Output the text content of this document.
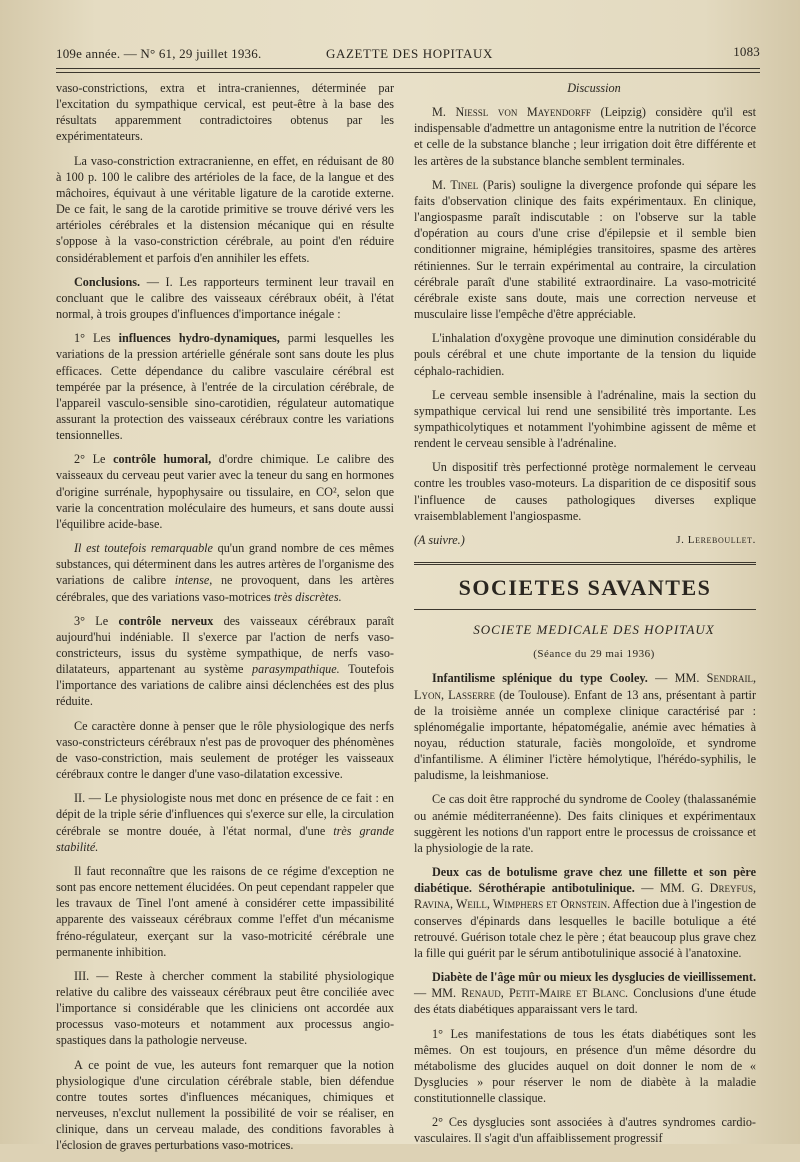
109e année. — N° 61, 29 juillet 1936.	GAZETTE DES HOPITAUX	1083

vaso-constrictions, extra et intra-craniennes, déterminée par l'excitation du sympathique cervical, est peut-être à la base des résultats apparemment contradictoires obtenus par les expérimentateurs.

La vaso-constriction extracranienne, en effet, en réduisant de 80 à 100 p. 100 le calibre des artérioles de la face, de la langue et des mâchoires, équivaut à une véritable ligature de la carotide externe. De ce fait, le sang de la carotide primitive se trouve dérivé vers les artérioles cérébrales et la distension mécanique qui en résulte s'oppose à la vaso-constriction cérébrale, au point d'en réduire considérablement et parfois d'en annihiler les effets.

Conclusions. — I. Les rapporteurs terminent leur travail en concluant que le calibre des vaisseaux cérébraux obéit, à l'état normal, à trois groupes d'influences d'importance inégale :

1° Les influences hydro-dynamiques, parmi lesquelles les variations de la pression artérielle générale sont sans doute les plus efficaces. Cette dépendance du calibre vasculaire cérébral est tempérée par la présence, à l'entrée de la circulation cérébrale, de l'appareil vasculo-sensible sino-carotidien, régulateur automatique assurant la protection des vaisseaux cérébraux contre les variations tensionnelles.

2° Le contrôle humoral, d'ordre chimique. Le calibre des vaisseaux du cerveau peut varier avec la teneur du sang en hormones d'origine surrénale, hypophysaire ou tissulaire, en CO², selon que varie la concentration moléculaire des humeurs, et sans doute aussi l'équilibre acide-base.

Il est toutefois remarquable qu'un grand nombre de ces mêmes substances, qui déterminent dans les autres artères de l'organisme des variations de calibre intense, ne provoquent, dans les artères cérébrales, que des variations vaso-motrices très discrètes.

3° Le contrôle nerveux des vaisseaux cérébraux paraît aujourd'hui indéniable. Il s'exerce par l'action de nerfs vaso-constricteurs, issus du système sympathique, de nerfs vaso-dilatateurs, appartenant au système parasympathique. Toutefois l'importance des variations de calibre ainsi déclenchées est des plus réduite.

Ce caractère donne à penser que le rôle physiologique des nerfs vaso-constricteurs cérébraux n'est pas de provoquer des phénomènes de vaso-constriction, mais seulement de protéger les vaisseaux cérébraux contre le danger d'une vaso-dilatation excessive.

II. — Le physiologiste nous met donc en présence de ce fait : en dépit de la triple série d'influences qui s'exerce sur elle, la circulation cérébrale se montre douée, à l'état normal, d'une très grande stabilité.

Il faut reconnaître que les raisons de ce régime d'exception ne sont pas encore nettement élucidées. On peut cependant rappeler que les travaux de Tinel l'ont amené à considérer cette impassibilité apparente des vaisseaux cérébraux comme l'effet d'un mécanisme fréno-régulateur, exerçant sur la vaso-motricité cérébrale une permanente inhibition.

III. — Reste à chercher comment la stabilité physiologique relative du calibre des vaisseaux cérébraux peut être conciliée avec l'importance si considérable que les cliniciens ont accordée aux processus vaso-moteurs et notamment aux processus angio-spastiques dans la pathologie nerveuse.

A ce point de vue, les auteurs font remarquer que la notion physiologique d'une circulation cérébrale stable, bien défendue contre toutes sortes d'influences mécaniques, chimiques et nerveuses, n'exclut nullement la possibilité de voir se réaliser, en clinique, dans un cerveau malade, des conditions favorables à l'éclosion de graves perturbations vaso-motrices.

Discussion

M. Niessl von Mayendorff (Leipzig) considère qu'il est indispensable d'admettre un antagonisme entre la nutrition de l'écorce et celle de la substance blanche ; leur irrigation doit être différente et les artères de la substance blanche semblent terminales.

M. Tinel (Paris) souligne la divergence profonde qui sépare les faits d'observation clinique des faits expérimentaux. En clinique, l'angiospasme paraît indiscutable : on l'observe sur la table d'opération au cours d'une crise d'épilepsie et il semble bien conditionner migraine, hémiplégies transitoires, spasme des artères rétiniennes. Sur le terrain expérimental au contraire, la circulation cérébrale paraît d'une stabilité extraordinaire. La vaso-motricité cérébrale existe sans doute, mais une correction nerveuse et musculaire lisse l'empêche d'être appréciable.

L'inhalation d'oxygène provoque une diminution considérable du pouls cérébral et une chute importante de la tension du liquide céphalo-rachidien.

Le cerveau semble insensible à l'adrénaline, mais la section du sympathique cervical lui rend une sensibilité très importante. Les sympathicolytiques et notamment l'yohimbine agissent de même et rendent le cerveau sensible à l'adrénaline.

Un dispositif très perfectionné protège normalement le cerveau contre les troubles vaso-moteurs. La disparition de ce dispositif sous l'influence de causes pathologiques diverses explique vraisemblablement l'angiospasme.

(A suivre.)	J. Lereboullet.
SOCIETES SAVANTES

SOCIETE MEDICALE DES HOPITAUX

(Séance du 29 mai 1936)

Infantilisme splénique du type Cooley. — MM. Sendrail, Lyon, Lasserre (de Toulouse). Enfant de 13 ans, présentant à partir de la troisième année un complexe clinique caractérisé par : splénomégalie importante, hépatomégalie, anémie avec hématies à noyau, réduction staturale, faciès mongoloïde, et syndrome d'infantilisme. A éliminer l'ictère hémolytique, l'hérédo-syphilis, le paludisme, la leishmaniose.

Ce cas doit être rapproché du syndrome de Cooley (thalassanémie ou anémie méditerranéenne). Des faits cliniques et expérimentaux suggèrent les notions d'un rapport entre le processus de croissance et la physiologie de la rate.

Deux cas de botulisme grave chez une fillette et son père diabétique. Sérothérapie antibotulinique. — MM. G. Dreyfus, Ravina, Weill, Wimphers et Ornstein. Affection due à l'ingestion de conserves d'épinards dans lesquelles le bacille botulique a été retrouvé. Guérison totale chez le père ; état beaucoup plus grave chez la fille qui guérit par le sérum antibotulinique associé à l'anatoxine.

Diabète de l'âge mûr ou mieux les dysglucies de vieillissement. — MM. Renaud, Petit-Maire et Blanc. Conclusions d'une étude des états diabétiques apparaissant vers le tard.

1° Les manifestations de tous les états diabétiques sont les mêmes. On est toujours, en présence d'un même désordre du métabolisme des glucides auquel on doit donner le nom de « Dysglucies » pour réserver le nom de diabète à la maladie constitutionnelle classique.

2° Ces dysglucies sont associées à d'autres syndromes cardio-vasculaires. Il s'agit d'un affaiblissement progressif
